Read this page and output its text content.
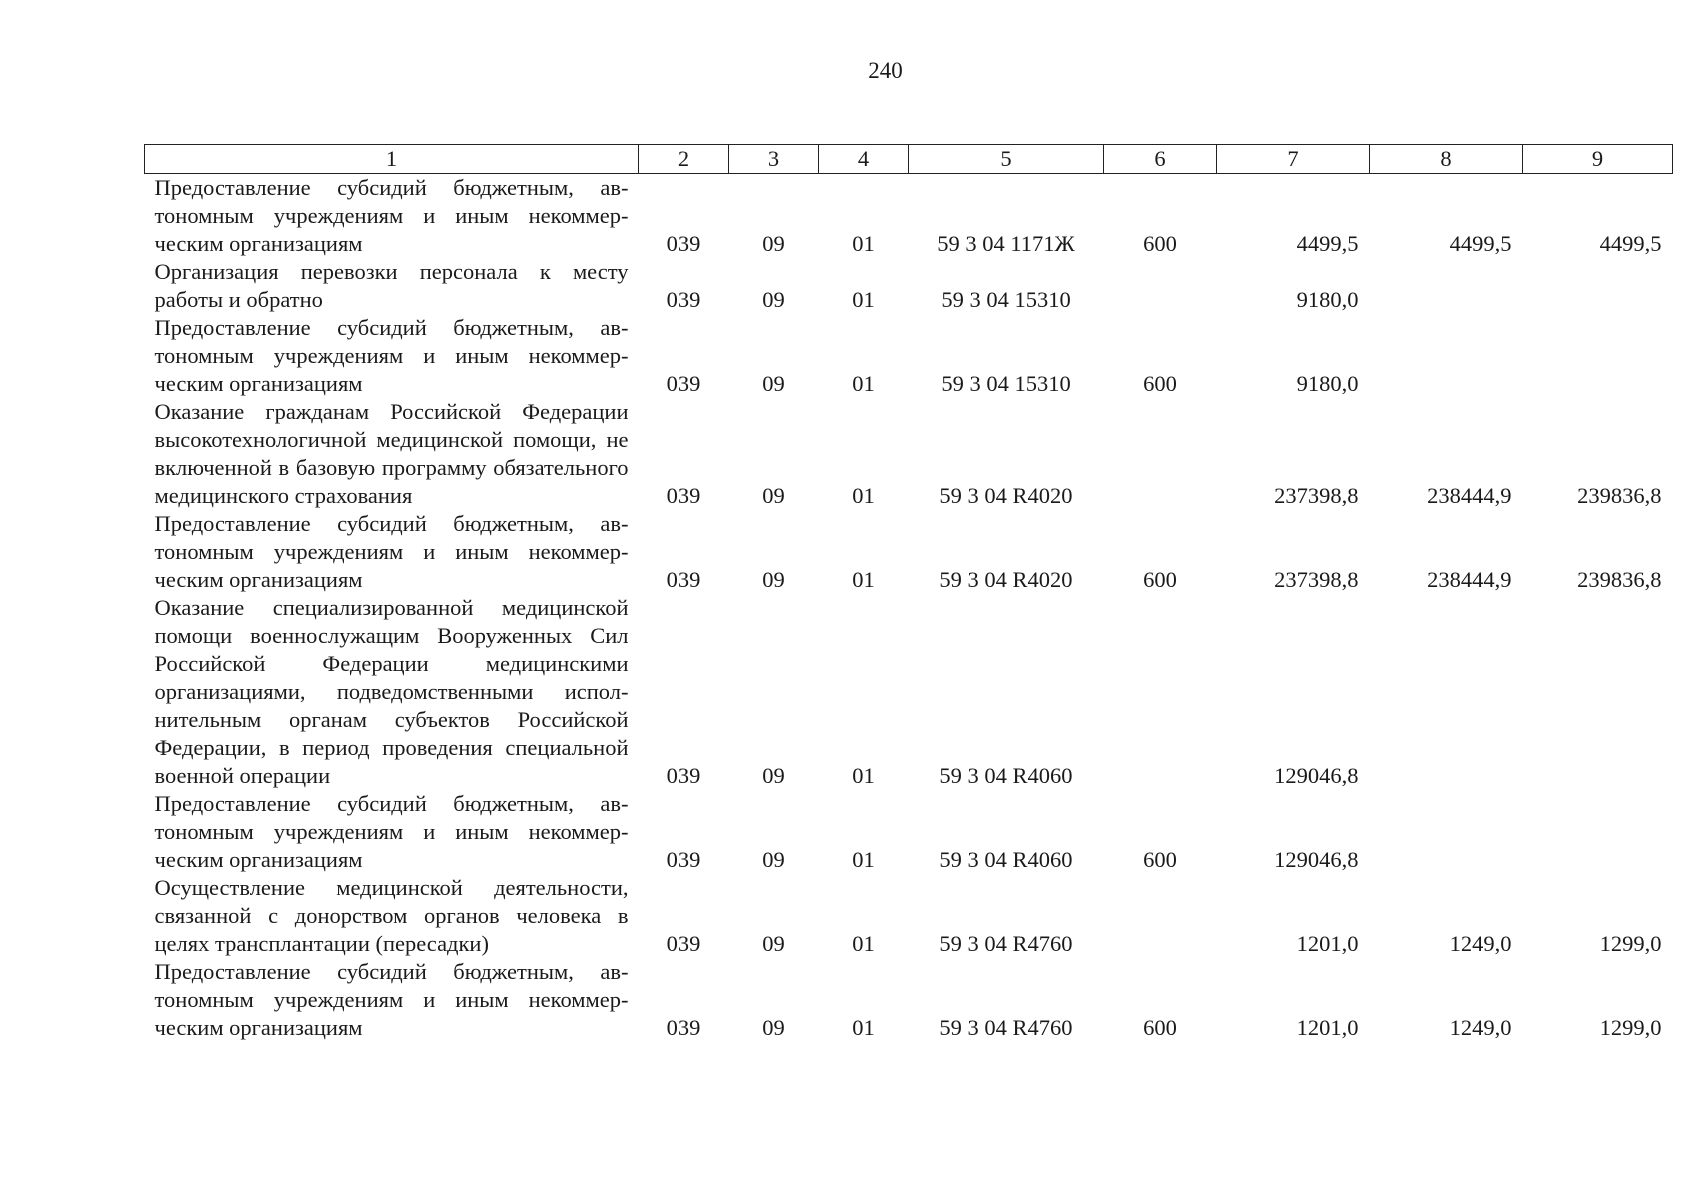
240
1	2	3	4	5	6	7	8	9
Предоставление субсидий бюджетным, автономным учреждениям и иным некоммерческим организациям	039	09	01	59 3 04 1171Ж	600	4499,5	4499,5	4499,5
Организация перевозки персонала к месту работы и обратно	039	09	01	59 3 04 15310		9180,0		
Предоставление субсидий бюджетным, автономным учреждениям и иным некоммерческим организациям	039	09	01	59 3 04 15310	600	9180,0		
Оказание гражданам Российской Федерации высокотехнологичной медицинской помощи, не включенной в базовую программу обязательного медицинского страхования	039	09	01	59 3 04 R4020		237398,8	238444,9	239836,8
Предоставление субсидий бюджетным, автономным учреждениям и иным некоммерческим организациям	039	09	01	59 3 04 R4020	600	237398,8	238444,9	239836,8
Оказание специализированной медицинской помощи военнослужащим Вооруженных Сил Российской Федерации медицинскими организациями, подведомственными исполнительным органам субъектов Российской Федерации, в период проведения специальной военной операции	039	09	01	59 3 04 R4060		129046,8		
Предоставление субсидий бюджетным, автономным учреждениям и иным некоммерческим организациям	039	09	01	59 3 04 R4060	600	129046,8		
Осуществление медицинской деятельности, связанной с донорством органов человека в целях трансплантации (пересадки)	039	09	01	59 3 04 R4760		1201,0	1249,0	1299,0
Предоставление субсидий бюджетным, автономным учреждениям и иным некоммерческим организациям	039	09	01	59 3 04 R4760	600	1201,0	1249,0	1299,0
